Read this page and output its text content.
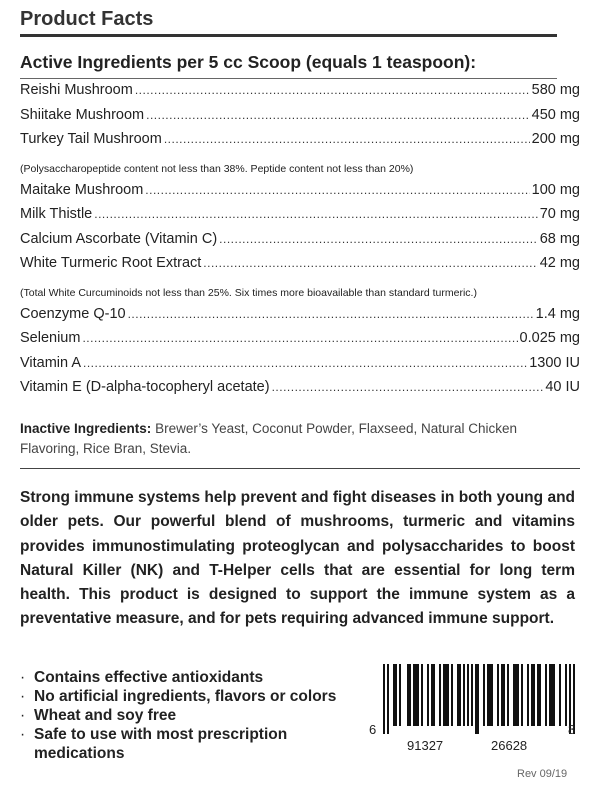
Product Facts
Active Ingredients per 5 cc Scoop (equals 1 teaspoon):
Reishi Mushroom .....	580 mg
Shiitake Mushroom .....	450 mg
Turkey Tail Mushroom .....	200 mg
(Polysaccharopeptide content not less than 38%. Peptide content not less than 20%)
Maitake Mushroom .....	100 mg
Milk Thistle .....	70 mg
Calcium Ascorbate (Vitamin C) .....	68 mg
White Turmeric Root Extract .....	42 mg
(Total White Curcuminoids not less than 25%. Six times more bioavailable than standard turmeric.)
Coenzyme Q-10 .....	1.4 mg
Selenium .....	0.025 mg
Vitamin A .....	1300 IU
Vitamin E (D-alpha-tocopheryl acetate) .....	40 IU
Inactive Ingredients: Brewer’s Yeast, Coconut Powder, Flaxseed, Natural Chicken Flavoring, Rice Bran, Stevia.
Strong immune systems help prevent and fight diseases in both young and older pets. Our powerful blend of mushrooms, turmeric and vitamins provides immunostimulating proteoglycan and polysaccharides to boost Natural Killer (NK) and T-Helper cells that are essential for long term health. This product is designed to support the immune system as a preventative measure, and for pets requiring advanced immune support.
· Contains effective antioxidants
· No artificial ingredients, flavors or colors
· Wheat and soy free
· Safe to use with most prescription medications
6
91327	26628
8
Rev 09/19
